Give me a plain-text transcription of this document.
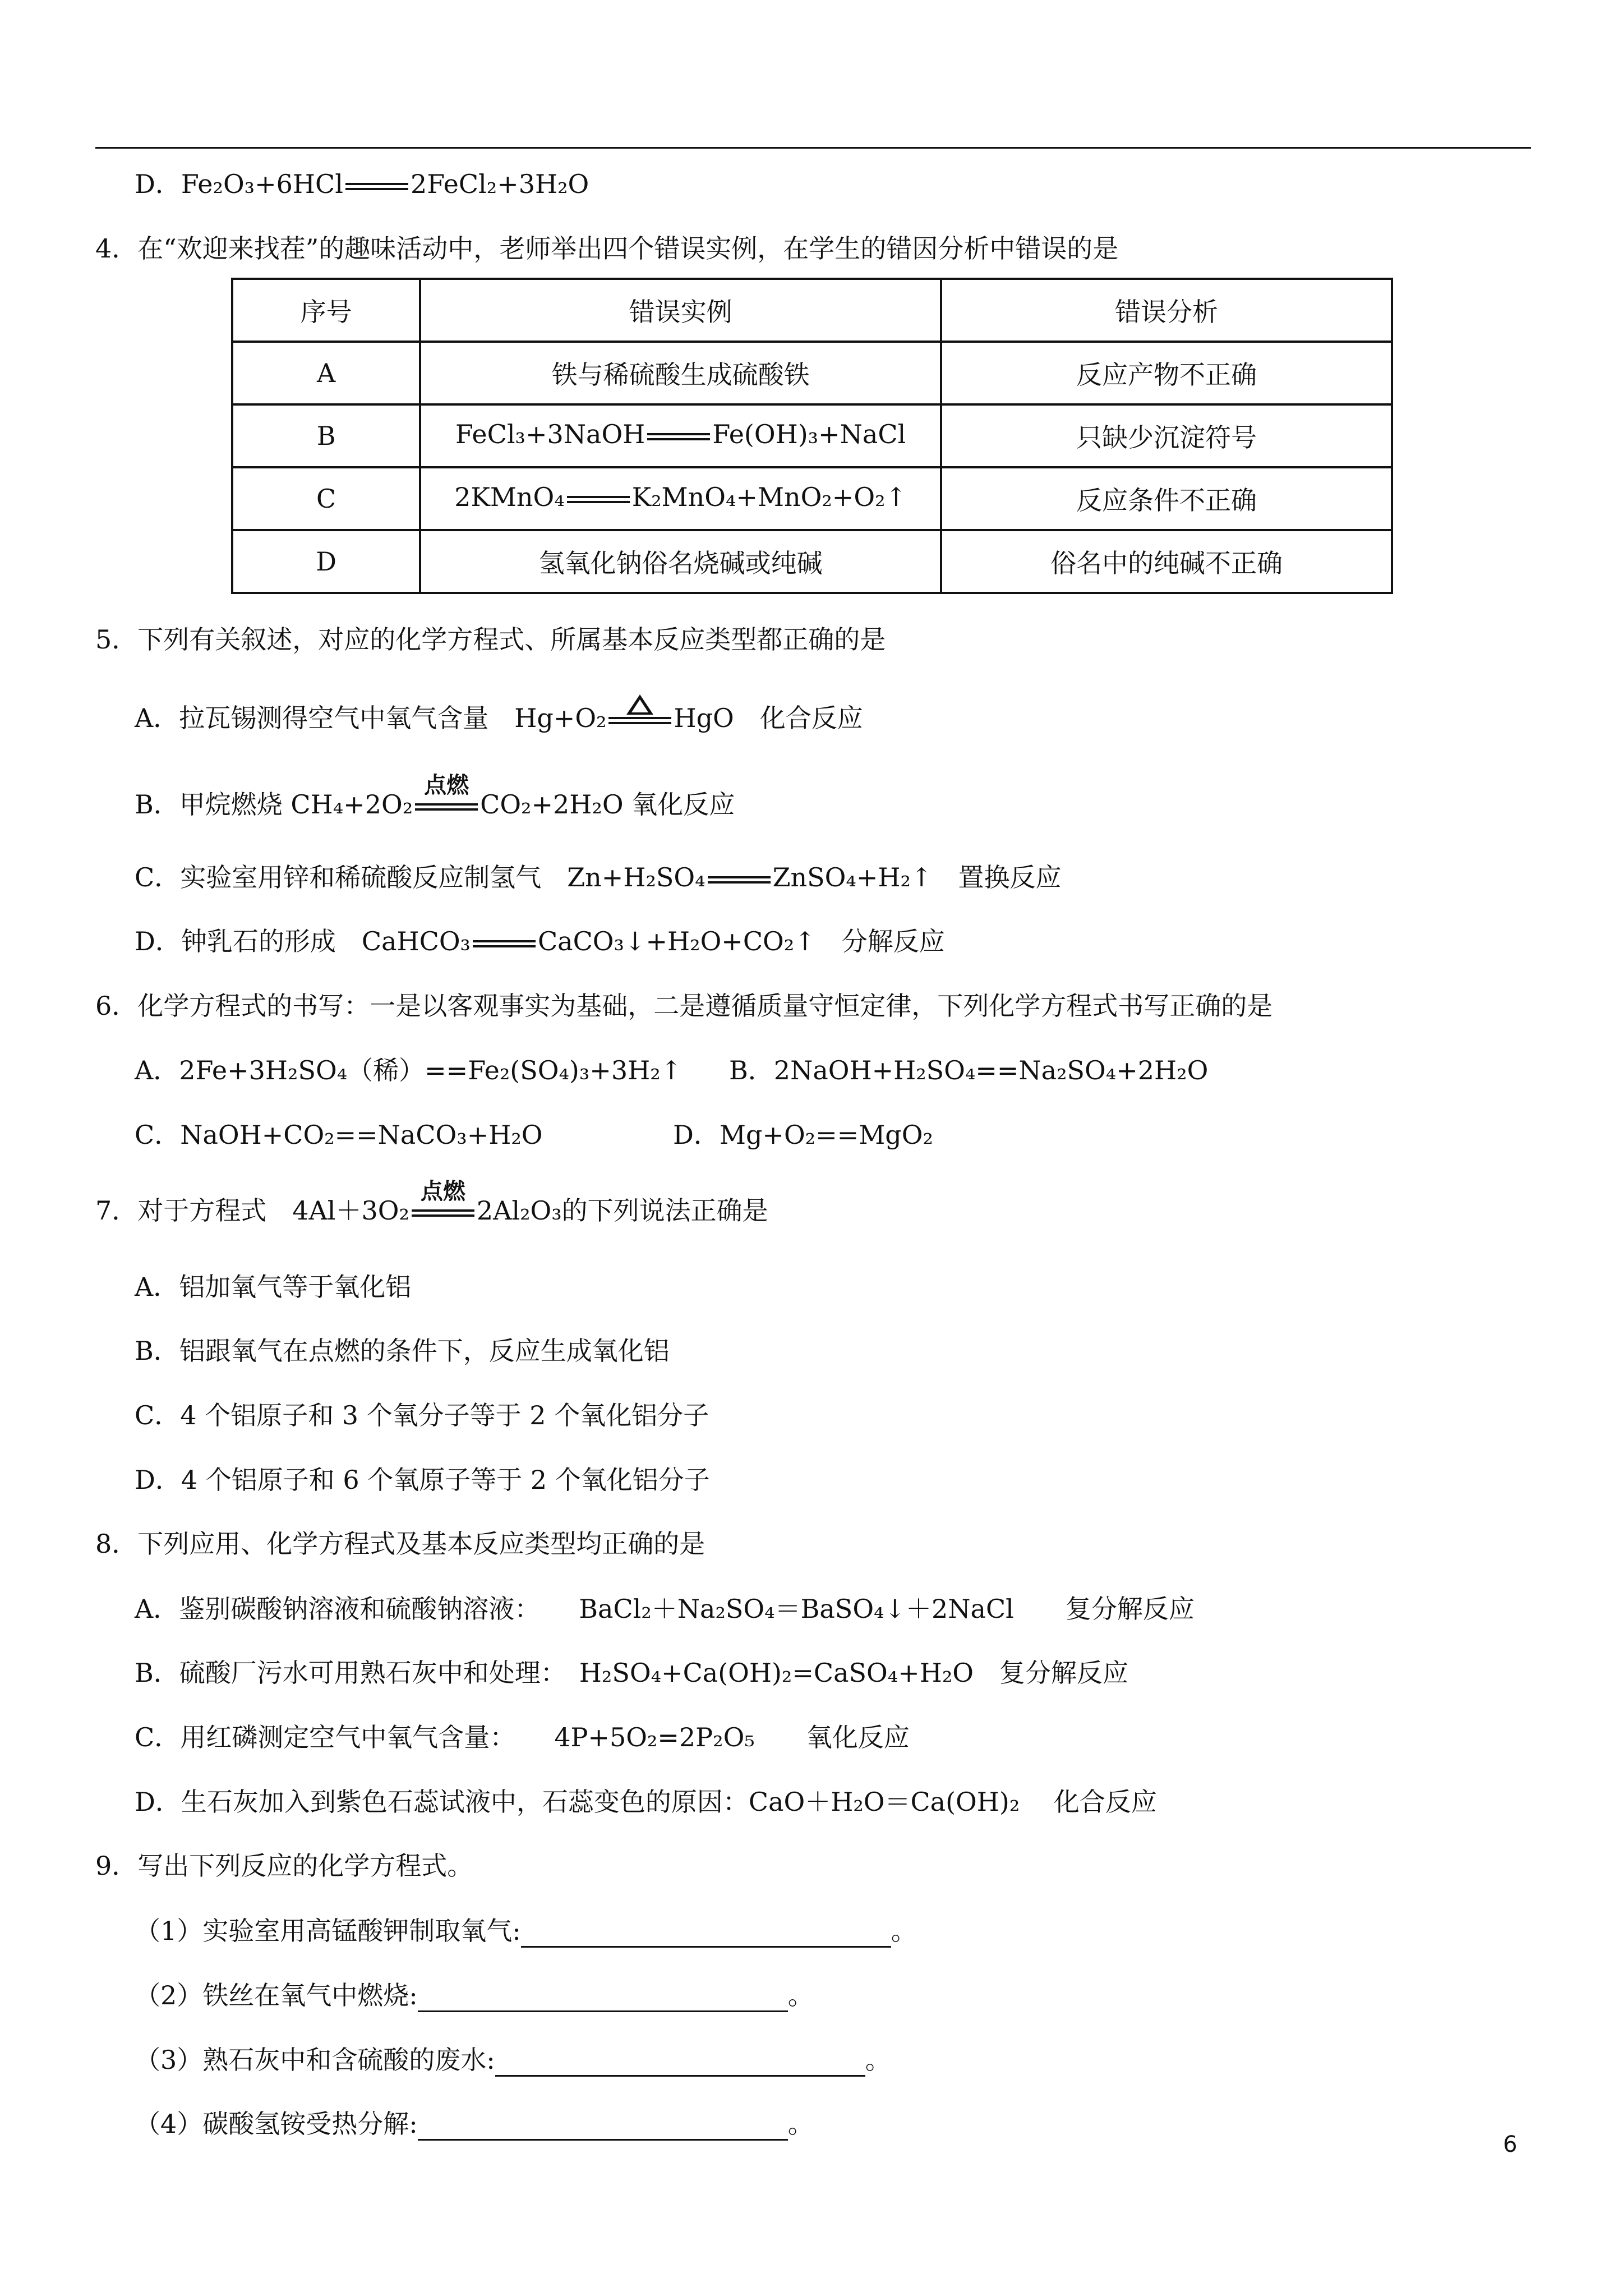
D．Fe₂O₃+6HCl	2FeCl₂+3H₂O
4．在“欢迎来找茬”的趣味活动中，老师举出四个错误实例，在学生的错因分析中错误的是
序号	错误实例	错误分析
A	铁与稀硫酸生成硫酸铁	反应产物不正确
B	FeCl₃+3NaOH Fe(OH)₃+NaCl	只缺少沉淀符号
C	2KMnO₄ K₂MnO₄+MnO₂+O₂↑	反应条件不正确
D	氢氧化钠俗名烧碱或纯碱	俗名中的纯碱不正确
5．下列有关叙述，对应的化学方程式、所属基本反应类型都正确的是
A．拉瓦锡测得空气中氧气含量　Hg+O₂	HgO　化合反应
B．甲烷燃烧 CH₄+2O₂
点燃
CO₂+2H₂O 氧化反应
C．实验室用锌和稀硫酸反应制氢气　Zn+H₂SO₄	ZnSO₄+H₂↑　置换反应
D．钟乳石的形成　CaHCO₃	CaCO₃↓+H₂O+CO₂↑　分解反应
6．化学方程式的书写：一是以客观事实为基础，二是遵循质量守恒定律，下列化学方程式书写正确的是
A．2Fe+3H₂SO₄（稀）==Fe₂(SO₄)₃+3H₂↑ B．2NaOH+H₂SO₄==Na₂SO₄+2H₂O
C．NaOH+CO₂==NaCO₃+H₂O	D．Mg+O₂==MgO₂
7．对于方程式　4Al＋3O₂
点燃
2Al₂O₃的下列说法正确是
A．铝加氧气等于氧化铝
B．铝跟氧气在点燃的条件下，反应生成氧化铝
C．4 个铝原子和 3 个氧分子等于 2 个氧化铝分子
D．4 个铝原子和 6 个氧原子等于 2 个氧化铝分子
8．下列应用、化学方程式及基本反应类型均正确的是
A．鉴别碳酸钠溶液和硫酸钠溶液：　　BaCl₂＋Na₂SO₄＝BaSO₄↓＋2NaCl　　复分解反应
B．硫酸厂污水可用熟石灰中和处理：　H₂SO₄+Ca(OH)₂=CaSO₄+H₂O　复分解反应
C．用红磷测定空气中氧气含量：　　4P+5O₂=2P₂O₅　　氧化反应
D．生石灰加入到紫色石蕊试液中，石蕊变色的原因：CaO＋H₂O＝Ca(OH)₂　 化合反应
9．写出下列反应的化学方程式。
（1）实验室用高锰酸钾制取氧气:	。
（2）铁丝在氧气中燃烧:	。
（3）熟石灰中和含硫酸的废水:	。
（4）碳酸氢铵受热分解:	。
6
